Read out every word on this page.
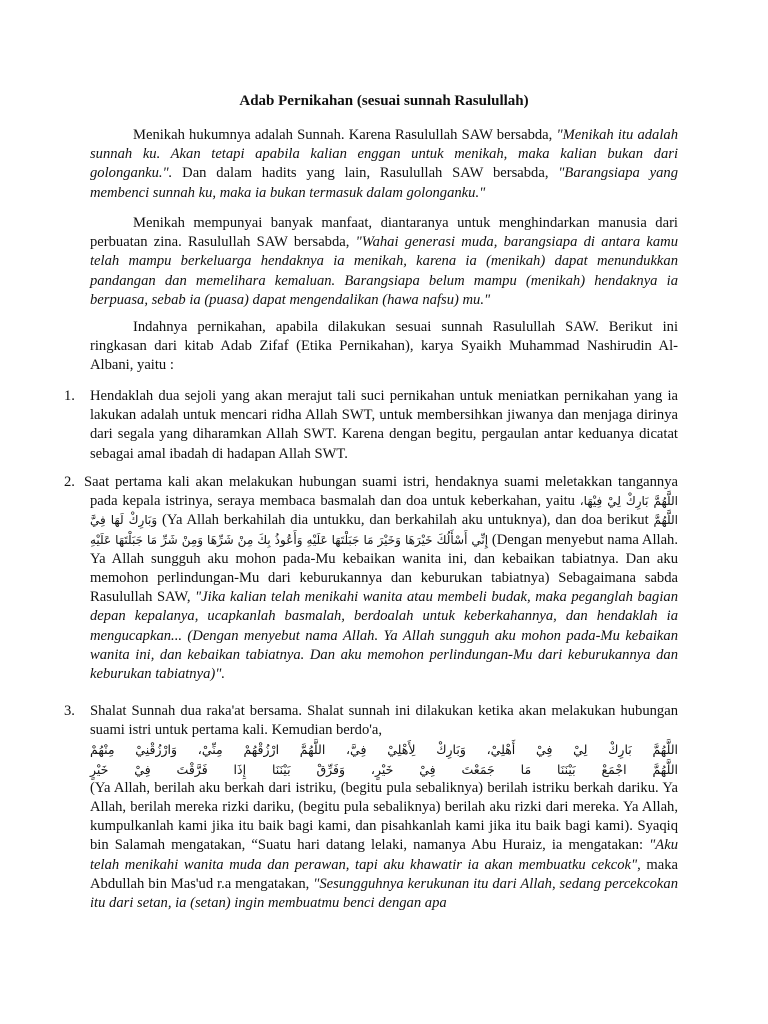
Adab Pernikahan (sesuai sunnah Rasulullah)
Menikah hukumnya adalah Sunnah. Karena Rasulullah SAW bersabda, "Menikah itu adalah sunnah ku. Akan tetapi apabila kalian enggan untuk menikah, maka kalian bukan dari golonganku.". Dan dalam hadits yang lain, Rasulullah SAW bersabda, "Barangsiapa yang membenci sunnah ku, maka ia bukan termasuk dalam golonganku."
Menikah mempunyai banyak manfaat, diantaranya untuk menghindarkan manusia dari perbuatan zina. Rasulullah SAW bersabda, "Wahai generasi muda, barangsiapa di antara kamu telah mampu berkeluarga hendaknya ia menikah, karena ia (menikah) dapat menundukkan pandangan dan memelihara kemaluan. Barangsiapa belum mampu (menikah) hendaknya ia berpuasa, sebab ia (puasa) dapat mengendalikan (hawa nafsu) mu."
Indahnya pernikahan, apabila dilakukan sesuai sunnah Rasulullah SAW. Berikut ini ringkasan dari kitab Adab Zifaf (Etika Pernikahan), karya Syaikh Muhammad Nashirudin Al-Albani, yaitu :
1. Hendaklah dua sejoli yang akan merajut tali suci pernikahan untuk meniatkan pernikahan yang ia lakukan adalah untuk mencari ridha Allah SWT, untuk membersihkan jiwanya dan menjaga dirinya dari segala yang diharamkan Allah SWT. Karena dengan begitu, pergaulan antar keduanya dicatat sebagai amal ibadah di hadapan Allah SWT.
2. Saat pertama kali akan melakukan hubungan suami istri, hendaknya suami meletakkan tangannya pada kepala istrinya, seraya membaca basmalah dan doa untuk keberkahan, yaitu اللَّهُمَّ بَارِكْ لِيْ فِيْهَا، وَبَارِكْ لَهَا فِيَّ (Ya Allah berkahilah dia untukku, dan berkahilah aku untuknya), dan doa berikut اللَّهُمَّ إِنِّي أَسْأَلُكَ خَيْرَهَا وَخَيْرَ مَا جَبَلْتَهَا عَلَيْهِ وَأَعُوذُ بِكَ مِنْ شَرِّهَا وَمِنْ شَرِّ مَا جَبَلْتَهَا عَلَيْهِ (Dengan menyebut nama Allah. Ya Allah sungguh aku mohon pada-Mu kebaikan wanita ini, dan kebaikan tabiatnya. Dan aku memohon perlindungan-Mu dari keburukannya dan keburukan tabiatnya) Sebagaimana sabda Rasulullah SAW, "Jika kalian telah menikahi wanita atau membeli budak, maka peganglah bagian depan kepalanya, ucapkanlah basmalah, berdoalah untuk keberkahannya, dan hendaklah ia mengucapkan... (Dengan menyebut nama Allah. Ya Allah sungguh aku mohon pada-Mu kebaikan wanita ini, dan kebaikan tabiatnya. Dan aku memohon perlindungan-Mu dari keburukannya dan keburukan tabiatnya)".
3. Shalat Sunnah dua raka'at bersama. Shalat sunnah ini dilakukan ketika akan melakukan hubungan suami istri untuk pertama kali. Kemudian berdo'a,
اللَّهُمَّ بَارِكْ لِيْ فِيْ أَهْلِيْ، وَبَارِكْ لِأَهْلِيْ فِيَّ، اللَّهُمَّ ارْزُقْهُمْ مِنِّيْ، وَارْزُقْنِيْ مِنْهُمْ
اللَّهُمَّ اجْمَعْ بَيْنَنَا مَا جَمَعْتَ فِيْ خَيْرٍ، وَفَرِّقْ بَيْنَنَا إِذَا فَرَّقْتَ فِيْ خَيْرٍ
(Ya Allah, berilah aku berkah dari istriku, (begitu pula sebaliknya) berilah istriku berkah dariku. Ya Allah, berilah mereka rizki dariku, (begitu pula sebaliknya) berilah aku rizki dari mereka. Ya Allah, kumpulkanlah kami jika itu baik bagi kami, dan pisahkanlah kami jika itu baik bagi kami). Syaqiq bin Salamah mengatakan, “Suatu hari datang lelaki, namanya Abu Huraiz, ia mengatakan: "Aku telah menikahi wanita muda dan perawan, tapi aku khawatir ia akan membuatku cekcok", maka Abdullah bin Mas'ud r.a mengatakan, "Sesungguhnya kerukunan itu dari Allah, sedang percekcokan itu dari setan, ia (setan) ingin membuatmu benci dengan apa
